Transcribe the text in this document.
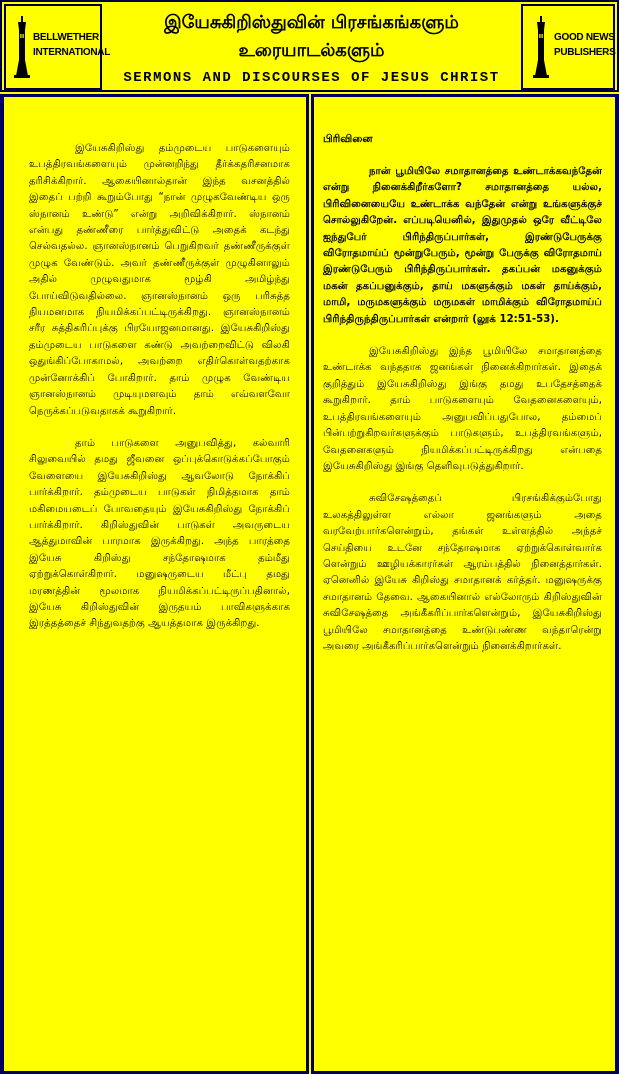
BELLWETHER
INTERNATIONAL
இயேசுகிறிஸ்துவின் பிரசங்கங்களும்
உரையாடல்களும்
SERMONS AND DISCOURSES OF JESUS CHRIST
GOOD NEWS
PUBLISHERS

இயேசுகிறிஸ்து தம்முடைய பாடுகளையும் உபத்திரவங்களையும் முன்னறிந்து தீர்க்கதரிசனமாக தரிசிக்கிறார். ஆகையினால்தான் இந்த வசனத்தில் இதைப் பற்றி கூறும்போது “நான் முழுகவேண்டிய ஒரு ஸ்நானம் உண்டு” என்று அறிவிக்கிறார். ஸ்நானம் என்பது தண்ணீரை பார்த்துவிட்டு அதைக் கடந்து செல்வதல்ல. ஞானஸ்நானம் பெறுகிறவர் தண்ணீருக்குள் முழுக வேண்டும். அவர் தண்ணீருக்குள் முழுகினாலும் அதில் முழுவதுமாக மூழ்கி அமிழ்ந்து போய்விடுவதில்லை. ஞானஸ்நானம் ஒரு பரிசுத்த நியமனமாக நியமிக்கப்பட்டிருக்கிறது. ஞானஸ்நானம் சரீர சுத்திகரிப்புக்கு பிரயோஜனமானது. இயேசுகிறிஸ்து தம்முடைய பாடுகளை கண்டு அவற்றைவிட்டு விலகி ஒதுங்கிப்போகாமல், அவற்றை எதிர்கொள்வதற்காக முன்னோக்கிப் போகிறார். தாம் முழுக வேண்டிய ஞானஸ்நானம் முடியுமளவும் தாம் எவ்வளவோ நெருக்கப்படுவதாகக் கூறுகிறார்.

தாம் பாடுகளை அனுபவித்து, கல்வாரி சிலுவையில் தமது ஜீவனை ஒப்புக்கொடுக்கப்போகும் வேளையை இயேசுகிறிஸ்து ஆவலோடு நோக்கிப் பார்க்கிறார். தம்முடைய பாடுகள் நிமித்தமாக தாம் மகிமையடைப் போவதையும் இயேசுகிறிஸ்து நோக்கிப் பார்க்கிறார். கிறிஸ்துவின் பாடுகள் அவருடைய ஆத்துமாவின் பாரமாக இருக்கிறது. அந்த பாரத்தை இயேசு கிறிஸ்து சந்தோஷமாக தம்மீது ஏற்றுக்கொள்கிறார். மனுஷருடைய மீட்பு தமது மரணத்தின் மூலமாக நியமிக்கப்பட்டிருப்பதினால், இயேசு கிறிஸ்துவின் இருதயம் பாவிகளுக்காக இரத்தத்தைச் சிந்துவதற்கு ஆயத்தமாக இருக்கிறது.

பிரிவினை

நான் பூமியிலே சமாதானத்தை உண்டாக்கவந்தேன் என்று நினைக்கிறீர்களோ? சமாதானத்தை யல்ல, பிரிவினையையே உண்டாக்க வந்தேன் என்று உங்களுக்குச் சொல்லுகிறேன். எப்படியெனில், இதுமுதல் ஒரே வீட்டிலே ஐந்துபேர் பிரிந்திருப்பார்கள், இரண்டுபேருக்கு விரோதமாய்ப் மூன்றுபேரும், மூன்று பேருக்கு விரோதமாய் இரண்டுபேரும் பிரிந்திருப்பார்கள். தகப்பன் மகனுக்கும் மகன் தகப்பனுக்கும், தாய் மகளுக்கும் மகள் தாய்க்கும், மாமி, மருமகளுக்கும் மருமகள் மாமிக்கும் விரோதமாய்ப் பிரிந்திருந்திருப்பார்கள் என்றார் (லூக் 12:51-53).

இயேசுகிறிஸ்து இந்த பூமியிலே சமாதானத்தை உண்டாக்க வந்ததாக ஜனங்கள் நினைக்கிறார்கள். இதைக் குறித்தும் இயேசுகிறிஸ்து இங்கு தமது உபதேசத்தைக் கூறுகிறார். தாம் பாடுகளையும் வேதனைகளையும், உபத்திரவங்களையும் அனுபவிப்பதுபோல, தம்மைப் பின்பற்றுகிறவர்களுக்கும் பாடுகளும், உபத்திரவங்களும், வேதனைகளும் நியமிக்கப்பட்டிருக்கிறது என்பதை இயேசுகிறிஸ்து இங்கு தெளிவுபடுத்துகிறார்.

சுவிசேஷத்தைப் பிரசங்கிக்கும்போது உலகத்திலுள்ள எல்லா ஜனங்களும் அதை வரவேற்பார்களென்றும், தங்கள் உள்ளத்தில் அந்தச் செய்தியை உடனே சந்தோஷமாக ஏற்றுக்கொள்வார்க ளென்றும் ஊழியக்காரர்கள் ஆரம்பத்தில் நினைத்தார்கள். ஏனெனில் இயேசு கிறிஸ்து சமாதானக் கர்த்தர். மனுஷருக்கு சமாதானம் தேவை. ஆகையினால் எல்லோரும் கிறிஸ்துவின் சுவிசேஷத்தை அங்கீகரிப்பார்களென்றும், இயேசுகிறிஸ்து பூமியிலே சமாதானத்தை உண்டுபண்ண வந்தாரென்று அவரை அங்கீகரிப்பார்களென்றும் நினைக்கிறார்கள்.
